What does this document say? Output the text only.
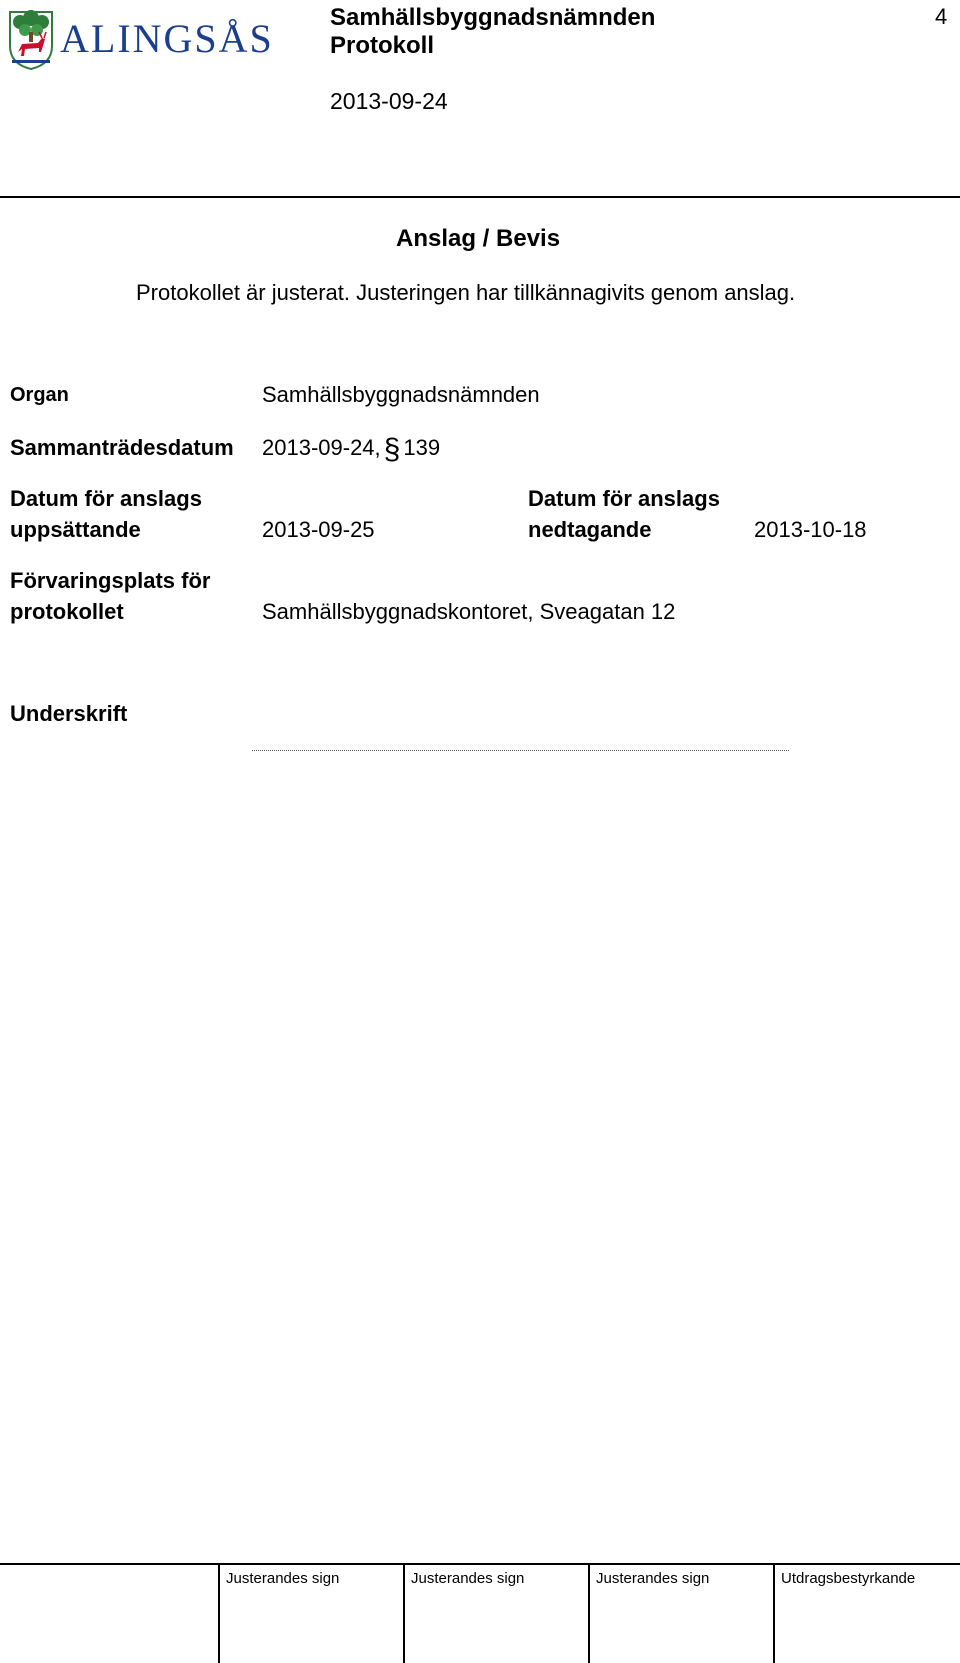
ALINGSÅS Samhällsbyggnadsnämnden
Protokoll
4
2013-09-24
Anslag / Bevis
Protokollet är justerat. Justeringen har tillkännagivits genom anslag.
Organ	Samhällsbyggnadsnämnden
Sammanträdesdatum 2013-09-24, § 139
Datum för anslags
uppsättande	2013-09-25
Datum för anslags
nedtagande	2013-10-18
Förvaringsplats för
protokollet	Samhällsbyggnadskontoret, Sveagatan 12
Underskrift
Justerandes sign	Justerandes sign	Justerandes sign	Utdragsbestyrkande
